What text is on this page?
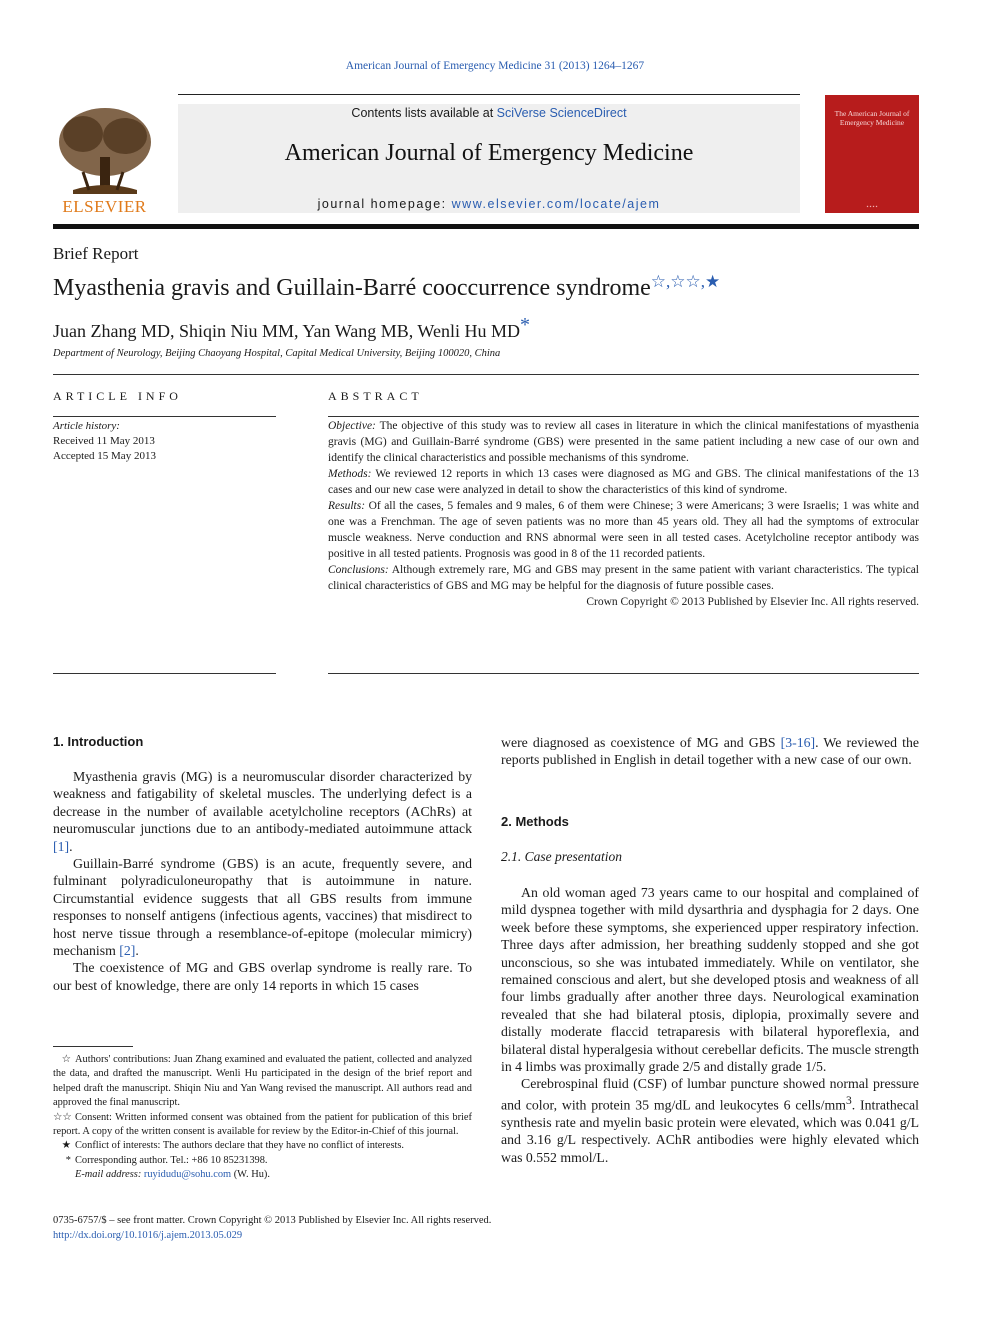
American Journal of Emergency Medicine 31 (2013) 1264–1267
ELSEVIER
Contents lists available at SciVerse ScienceDirect
American Journal of Emergency Medicine
journal homepage: www.elsevier.com/locate/ajem
The American Journal of Emergency Medicine
▪ ▪ ▪ ▪
Brief Report
Myasthenia gravis and Guillain-Barré cooccurrence syndrome☆,☆☆,★
Juan Zhang MD, Shiqin Niu MM, Yan Wang MB, Wenli Hu MD*
Department of Neurology, Beijing Chaoyang Hospital, Capital Medical University, Beijing 100020, China
ARTICLE INFO	ABSTRACT
Article history:
Received 11 May 2013
Accepted 15 May 2013

Objective: The objective of this study was to review all cases in literature in which the clinical manifestations of myasthenia gravis (MG) and Guillain-Barré syndrome (GBS) were presented in the same patient including a new case of our own and identify the clinical characteristics and possible mechanisms of this syndrome.

Methods: We reviewed 12 reports in which 13 cases were diagnosed as MG and GBS. The clinical manifestations of the 13 cases and our new case were analyzed in detail to show the characteristics of this kind of syndrome.

Results: Of all the cases, 5 females and 9 males, 6 of them were Chinese; 3 were Americans; 3 were Israelis; 1 was white and one was a Frenchman. The age of seven patients was no more than 45 years old. They all had the symptoms of extrocular muscle weakness. Nerve conduction and RNS abnormal were seen in all tested cases. Acetylcholine receptor antibody was positive in all tested patients. Prognosis was good in 8 of the 11 recorded patients.

Conclusions: Although extremely rare, MG and GBS may present in the same patient with variant characteristics. The typical clinical characteristics of GBS and MG may be helpful for the diagnosis of future possible cases.

Crown Copyright © 2013 Published by Elsevier Inc. All rights reserved.

1. Introduction

Myasthenia gravis (MG) is a neuromuscular disorder characterized by weakness and fatigability of skeletal muscles. The underlying defect is a decrease in the number of available acetylcholine receptors (AChRs) at neuromuscular junctions due to an antibody-mediated autoimmune attack [1].

Guillain-Barré syndrome (GBS) is an acute, frequently severe, and fulminant polyradiculoneuropathy that is autoimmune in nature. Circumstantial evidence suggests that all GBS results from immune responses to nonself antigens (infectious agents, vaccines) that misdirect to host nerve tissue through a resemblance-of-epitope (molecular mimicry) mechanism [2].

The coexistence of MG and GBS overlap syndrome is really rare. To our best of knowledge, there are only 14 reports in which 15 cases

were diagnosed as coexistence of MG and GBS [3-16]. We reviewed the reports published in English in detail together with a new case of our own.

2. Methods
2.1. Case presentation

An old woman aged 73 years came to our hospital and complained of mild dyspnea together with mild dysarthria and dysphagia for 2 days. One week before these symptoms, she experienced upper respiratory infection. Three days after admission, her breathing suddenly stopped and she got unconscious, so she was intubated immediately. While on ventilator, she remained conscious and alert, but she developed ptosis and weakness of all four limbs gradually after another three days. Neurological examination revealed that she had bilateral ptosis, diplopia, proximally severe and distally moderate flaccid tetraparesis with bilateral hyporeflexia, and bilateral distal hyperalgesia without cerebellar deficits. The muscle strength in 4 limbs was proximally grade 2/5 and distally grade 1/5.

Cerebrospinal fluid (CSF) of lumbar puncture showed normal pressure and color, with protein 35 mg/dL and leukocytes 6 cells/$mm^3$. Intrathecal synthesis rate and myelin basic protein were elevated, which was 0.041 g/L and 3.16 g/L respectively. AChR antibodies were highly elevated which was 0.552 mmol/L.

☆ Authors' contributions: Juan Zhang examined and evaluated the patient, collected and analyzed the data, and drafted the manuscript. Wenli Hu participated in the design of the brief report and helped draft the manuscript. Shiqin Niu and Yan Wang revised the manuscript. All authors read and approved the final manuscript.

☆☆ Consent: Written informed consent was obtained from the patient for publication of this brief report. A copy of the written consent is available for review by the Editor-in-Chief of this journal.

★ Conflict of interests: The authors declare that they have no conflict of interests.

* Corresponding author. Tel.: +86 10 85231398.

E-mail address: ruyidudu@sohu.com (W. Hu).

0735-6757/$ – see front matter. Crown Copyright © 2013 Published by Elsevier Inc. All rights reserved.
http://dx.doi.org/10.1016/j.ajem.2013.05.029
